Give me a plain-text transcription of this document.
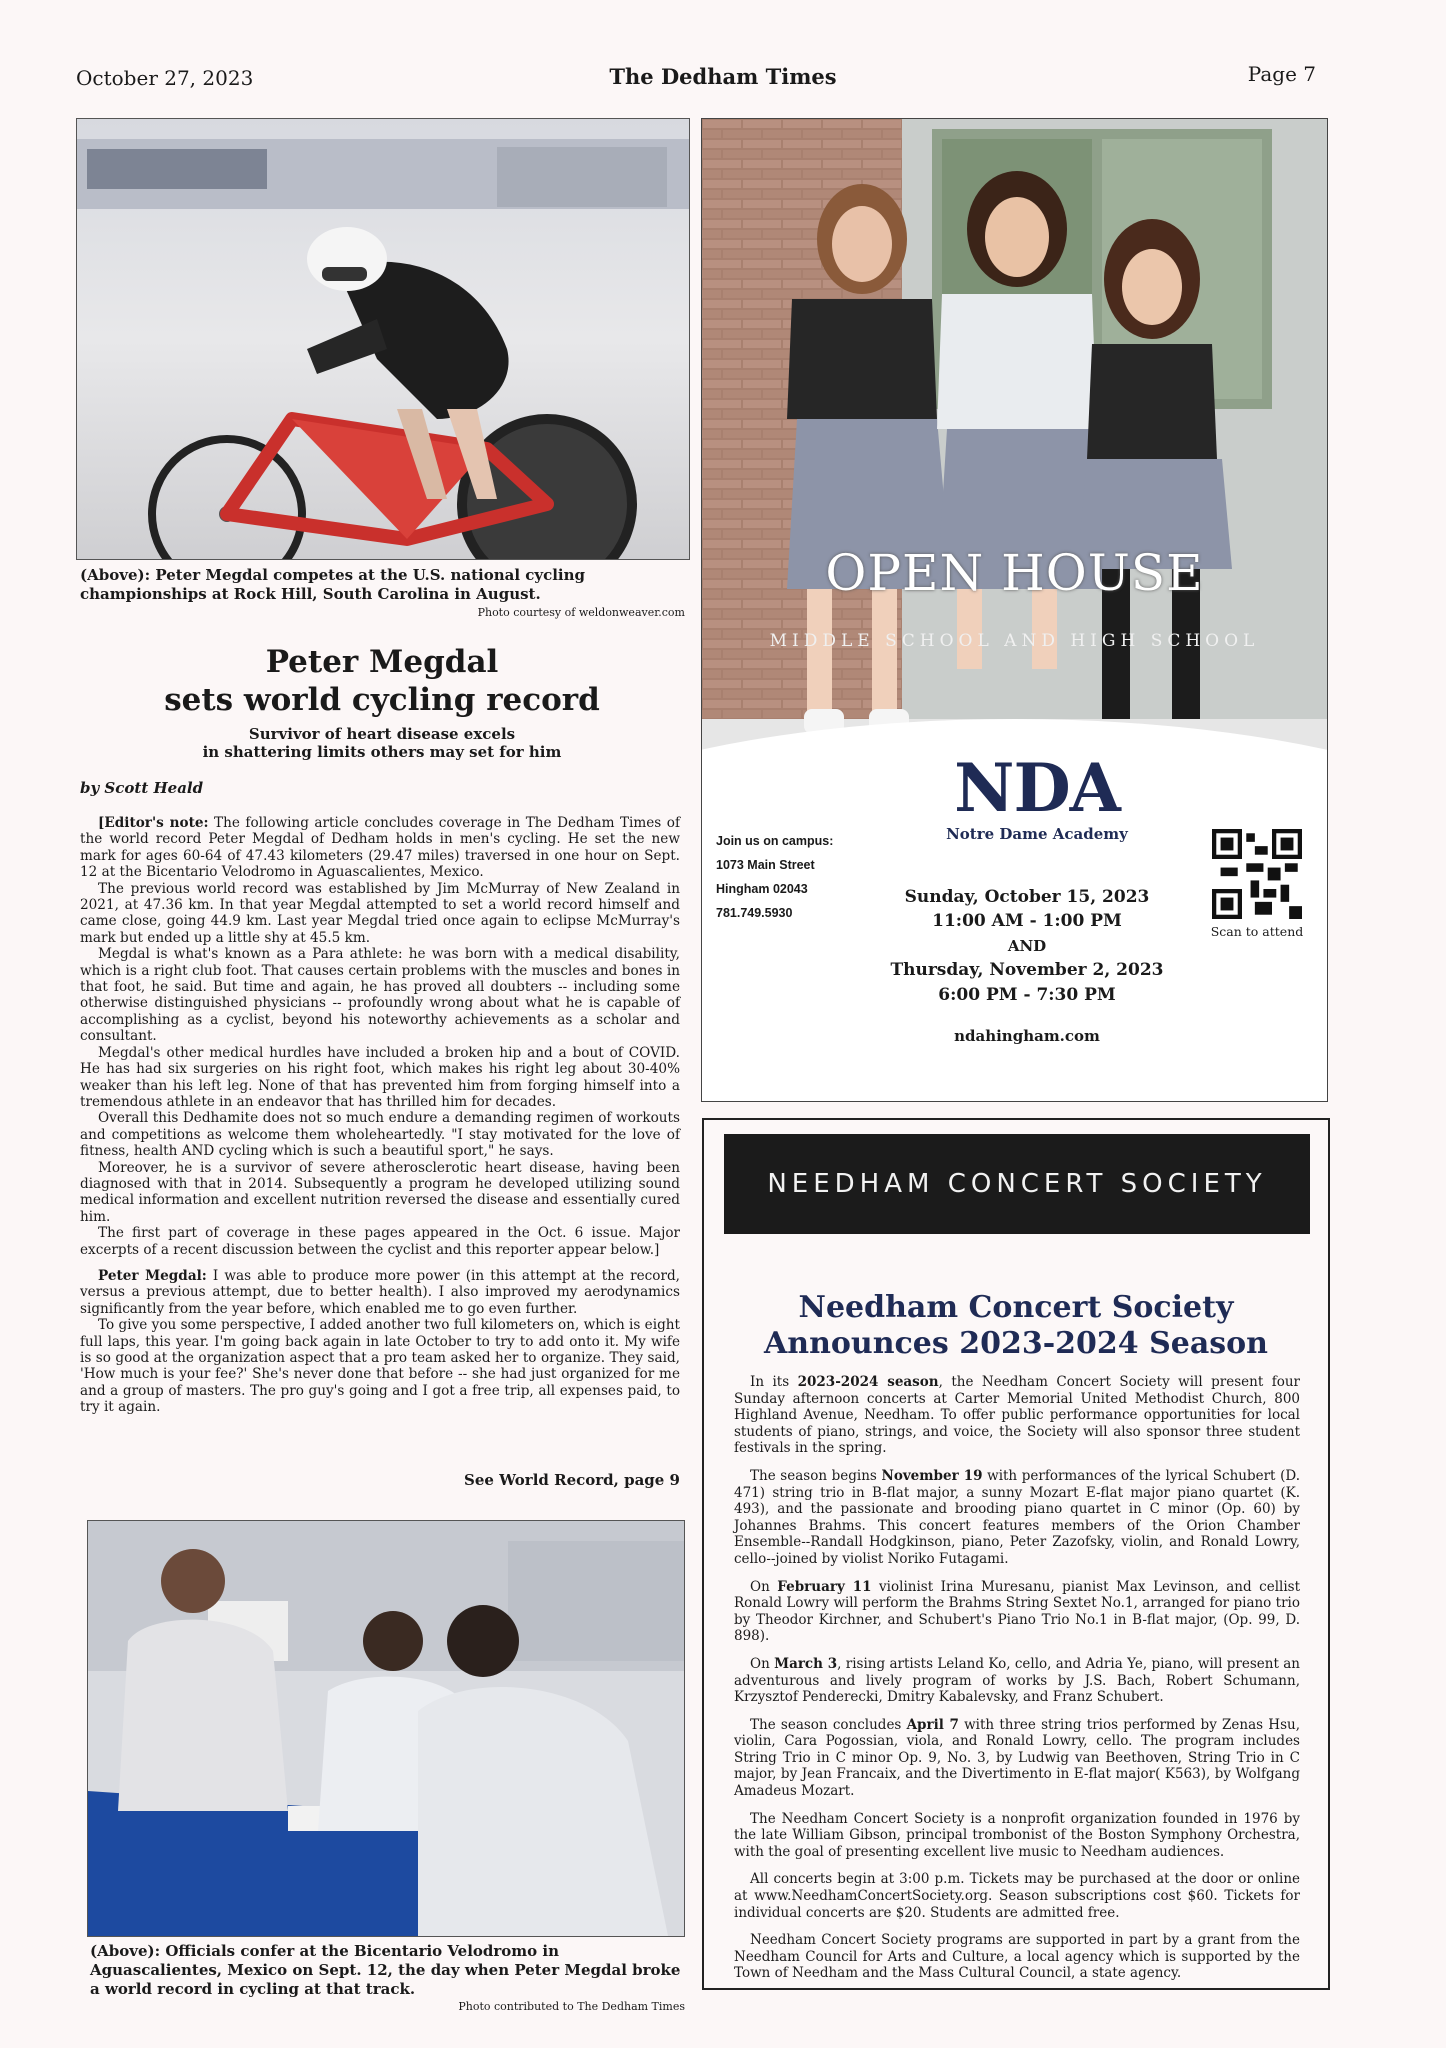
October 27, 2023	The Dedham Times	Page 7
(Above): Peter Megdal competes at the U.S. national cycling championships at Rock Hill, South Carolina in August.
Photo courtesy of weldonweaver.com
Peter Megdal
sets world cycling record
Survivor of heart disease excels
in shattering limits others may set for him
by Scott Heald

[Editor's note: The following article concludes coverage in The Dedham Times of the world record Peter Megdal of Dedham holds in men's cycling. He set the new mark for ages 60-64 of 47.43 kilometers (29.47 miles) traversed in one hour on Sept. 12 at the Bicentario Velodromo in Aguascalientes, Mexico.

The previous world record was established by Jim McMurray of New Zealand in 2021, at 47.36 km. In that year Megdal attempted to set a world record himself and came close, going 44.9 km. Last year Megdal tried once again to eclipse McMurray's mark but ended up a little shy at 45.5 km.

Megdal is what's known as a Para athlete: he was born with a medical disability, which is a right club foot. That causes certain problems with the muscles and bones in that foot, he said. But time and again, he has proved all doubters -- including some otherwise distinguished physicians -- profoundly wrong about what he is capable of accomplishing as a cyclist, beyond his noteworthy achievements as a scholar and consultant.

Megdal's other medical hurdles have included a broken hip and a bout of COVID. He has had six surgeries on his right foot, which makes his right leg about 30-40% weaker than his left leg. None of that has prevented him from forging himself into a tremendous athlete in an endeavor that has thrilled him for decades.

Overall this Dedhamite does not so much endure a demanding regimen of workouts and competitions as welcome them wholeheartedly. "I stay motivated for the love of fitness, health AND cycling which is such a beautiful sport," he says.

Moreover, he is a survivor of severe atherosclerotic heart disease, having been diagnosed with that in 2014. Subsequently a program he developed utilizing sound medical information and excellent nutrition reversed the disease and essentially cured him.

The first part of coverage in these pages appeared in the Oct. 6 issue. Major excerpts of a recent discussion between the cyclist and this reporter appear below.]

Peter Megdal: I was able to produce more power (in this attempt at the record, versus a previous attempt, due to better health). I also improved my aerodynamics significantly from the year before, which enabled me to go even further.

To give you some perspective, I added another two full kilometers on, which is eight full laps, this year. I'm going back again in late October to try to add onto it. My wife is so good at the organization aspect that a pro team asked her to organize. They said, 'How much is your fee?' She's never done that before -- she had just organized for me and a group of masters. The pro guy's going and I got a free trip, all expenses paid, to try it again.

See World Record, page 9
(Above): Officials confer at the Bicentario Velodromo in Aguascalientes, Mexico on Sept. 12, the day when Peter Megdal broke a world record in cycling at that track.
Photo contributed to The Dedham Times
OPEN HOUSE
MIDDLE SCHOOL AND HIGH SCHOOL
NDA
Notre Dame Academy
Join us on campus:
1073 Main Street
Hingham 02043
781.749.5930
Sunday, October 15, 2023
11:00 AM - 1:00 PM
AND
Thursday, November 2, 2023
6:00 PM - 7:30 PM
Scan to attend
ndahingham.com
NEEDHAM CONCERT SOCIETY
Needham Concert Society
Announces 2023-2024 Season

In its 2023-2024 season, the Needham Concert Society will present four Sunday afternoon concerts at Carter Memorial United Methodist Church, 800 Highland Avenue, Needham. To offer public performance opportunities for local students of piano, strings, and voice, the Society will also sponsor three student festivals in the spring.

The season begins November 19 with performances of the lyrical Schubert (D. 471) string trio in B-flat major, a sunny Mozart E-flat major piano quartet (K. 493), and the passionate and brooding piano quartet in C minor (Op. 60) by Johannes Brahms. This concert features members of the Orion Chamber Ensemble--Randall Hodgkinson, piano, Peter Zazofsky, violin, and Ronald Lowry, cello--joined by violist Noriko Futagami.

On February 11 violinist Irina Muresanu, pianist Max Levinson, and cellist Ronald Lowry will perform the Brahms String Sextet No.1, arranged for piano trio by Theodor Kirchner, and Schubert's Piano Trio No.1 in B-flat major, (Op. 99, D. 898).

On March 3, rising artists Leland Ko, cello, and Adria Ye, piano, will present an adventurous and lively program of works by J.S. Bach, Robert Schumann, Krzysztof Penderecki, Dmitry Kabalevsky, and Franz Schubert.

The season concludes April 7 with three string trios performed by Zenas Hsu, violin, Cara Pogossian, viola, and Ronald Lowry, cello. The program includes String Trio in C minor Op. 9, No. 3, by Ludwig van Beethoven, String Trio in C major, by Jean Francaix, and the Divertimento in E-flat major( K563), by Wolfgang Amadeus Mozart.

The Needham Concert Society is a nonprofit organization founded in 1976 by the late William Gibson, principal trombonist of the Boston Symphony Orchestra, with the goal of presenting excellent live music to Needham audiences.

All concerts begin at 3:00 p.m. Tickets may be purchased at the door or online at www.NeedhamConcertSociety.org. Season subscriptions cost $60. Tickets for individual concerts are $20. Students are admitted free.

Needham Concert Society programs are supported in part by a grant from the Needham Council for Arts and Culture, a local agency which is supported by the Town of Needham and the Mass Cultural Council, a state agency.
